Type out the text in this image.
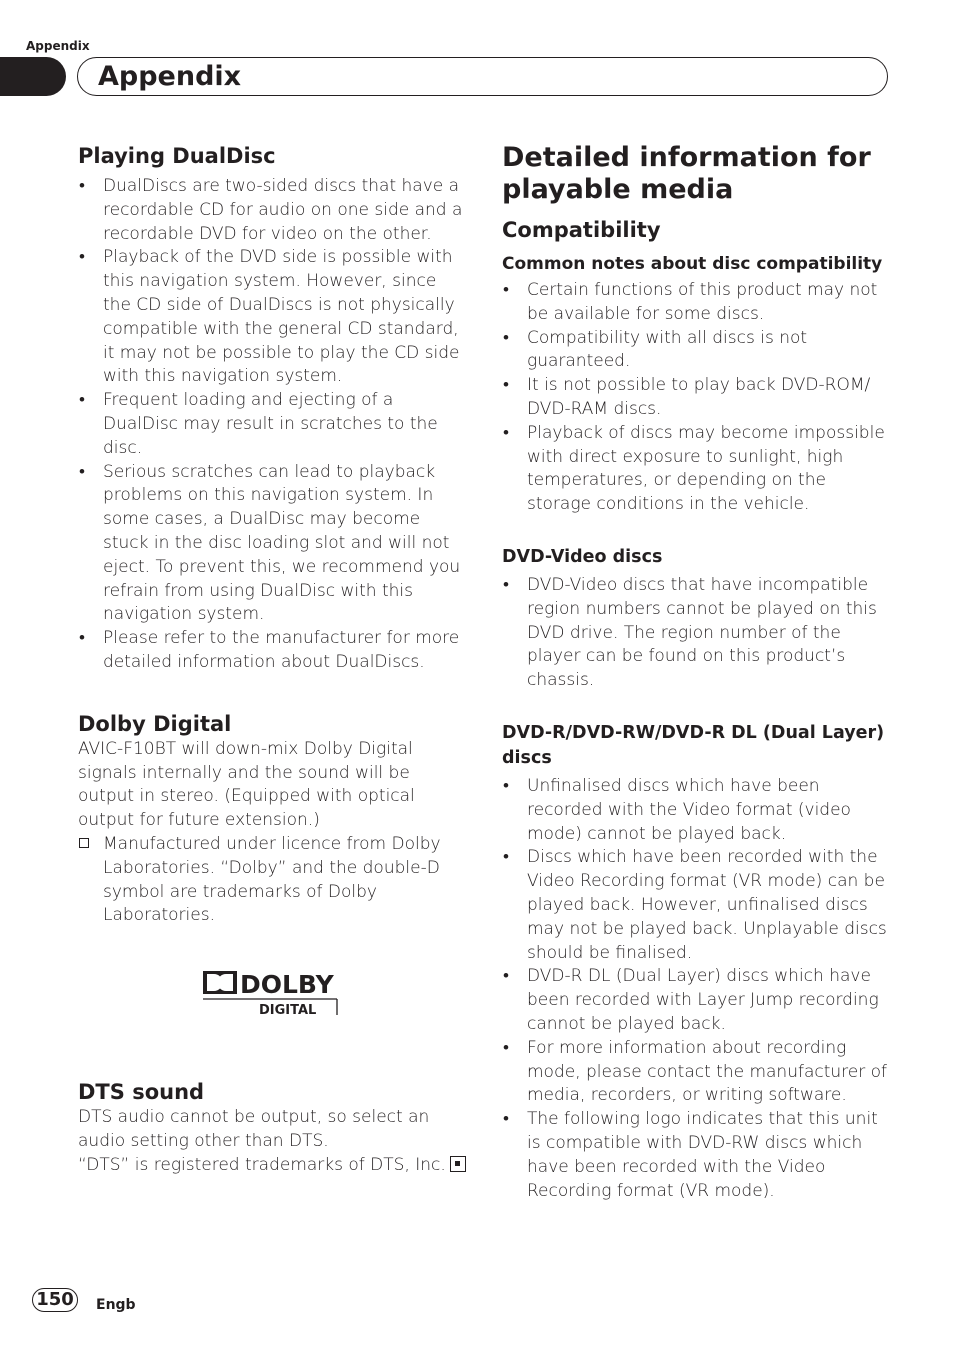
Appendix
Appendix
Playing DualDisc
• DualDiscs are two-sided discs that have a recordable CD for audio on one side and a recordable DVD for video on the other.
• Playback of the DVD side is possible with this navigation system. However, since the CD side of DualDiscs is not physically compatible with the general CD standard, it may not be possible to play the CD side with this navigation system.
• Frequent loading and ejecting of a DualDisc may result in scratches to the disc.
• Serious scratches can lead to playback problems on this navigation system. In some cases, a DualDisc may become stuck in the disc loading slot and will not eject. To prevent this, we recommend you refrain from using DualDisc with this navigation system.
• Please refer to the manufacturer for more detailed information about DualDiscs.
Dolby Digital

AVIC-F10BT will down-mix Dolby Digital signals internally and the sound will be output in stereo. (Equipped with optical output for future extension.)

Manufactured under licence from Dolby Laboratories. “Dolby” and the double-D symbol are trademarks of Dolby Laboratories.
DOLBY
DIGITAL
DTS sound

DTS audio cannot be output, so select an audio setting other than DTS.

“DTS” is registered trademarks of DTS, Inc.

Detailed information for playable media
Compatibility
Common notes about disc compatibility
• Certain functions of this product may not be available for some discs.
• Compatibility with all discs is not guaranteed.
• It is not possible to play back DVD-ROM/ DVD-RAM discs.
• Playback of discs may become impossible with direct exposure to sunlight, high temperatures, or depending on the storage conditions in the vehicle.
DVD-Video discs
• DVD-Video discs that have incompatible region numbers cannot be played on this DVD drive. The region number of the player can be found on this product’s chassis.
DVD-R/DVD-RW/DVD-R DL (Dual Layer) discs
• Unfinalised discs which have been recorded with the Video format (video mode) cannot be played back.
• Discs which have been recorded with the Video Recording format (VR mode) can be played back. However, unfinalised discs may not be played back. Unplayable discs should be finalised.
• DVD-R DL (Dual Layer) discs which have been recorded with Layer Jump recording cannot be played back.
• For more information about recording mode, please contact the manufacturer of media, recorders, or writing software.
• The following logo indicates that this unit is compatible with DVD-RW discs which have been recorded with the Video Recording format (VR mode).
150	Engb
